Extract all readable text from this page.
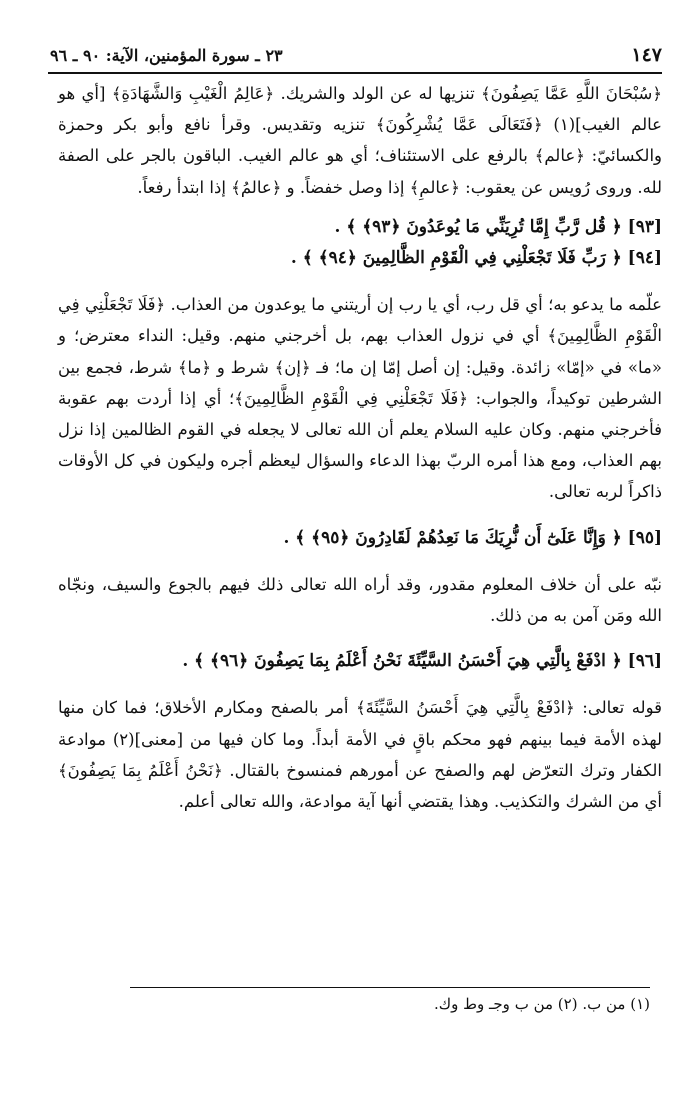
١٤٧
٢٣ ـ سورة المؤمنين، الآية: ٩٠ ـ ٩٦

﴿سُبْحَانَ اللَّهِ عَمَّا يَصِفُونَ﴾ تنزيها له عن الولد والشريك. ﴿عَالِمُ الْغَيْبِ وَالشَّهَادَةِ﴾ [أي هو عالم الغيب](١) ﴿فَتَعَالَى عَمَّا يُشْرِكُونَ﴾ تنزيه وتقديس. وقرأ نافع وأبو بكر وحمزة والكسائيّ: ﴿عالم﴾ بالرفع على الاستئناف؛ أي هو عالم الغيب. الباقون بالجر على الصفة لله. وروى رُويس عن يعقوب: ﴿عالمِ﴾ إذا وصل خفضاً. و ﴿عالمُ﴾ إذا ابتدأ رفعاً.

[٩٣] ﴿ قُل رَّبِّ إِمَّا تُرِيَنِّي مَا يُوعَدُونَ ﴿٩٣﴾ ﴾ .

[٩٤] ﴿ رَبِّ فَلَا تَجْعَلْنِي فِي الْقَوْمِ الظَّالِمِينَ ﴿٩٤﴾ ﴾ .

علّمه ما يدعو به؛ أي قل رب، أي يا رب إن أريتني ما يوعدون من العذاب. ﴿فَلَا تَجْعَلْنِي فِي الْقَوْمِ الظَّالِمِينَ﴾ أي في نزول العذاب بهم، بل أخرجني منهم. وقيل: النداء معترض؛ و «ما» في «إمّا» زائدة. وقيل: إن أصل إمّا إن ما؛ فـ ﴿إن﴾ شرط و ﴿ما﴾ شرط، فجمع بين الشرطين توكيداً، والجواب: ﴿فَلَا تَجْعَلْنِي فِي الْقَوْمِ الظَّالِمِينَ﴾؛ أي إذا أردت بهم عقوبة فأخرجني منهم. وكان عليه السلام يعلم أن الله تعالى لا يجعله في القوم الظالمين إذا نزل بهم العذاب، ومع هذا أمره الربّ بهذا الدعاء والسؤال ليعظم أجره وليكون في كل الأوقات ذاكراً لربه تعالى.

[٩٥] ﴿ وَإِنَّا عَلَىٰٓ أَن نُّرِيَكَ مَا نَعِدُهُمْ لَقَادِرُونَ ﴿٩٥﴾ ﴾ .

نبّه على أن خلاف المعلوم مقدور، وقد أراه الله تعالى ذلك فيهم بالجوع والسيف، ونجّاه الله ومَن آمن به من ذلك.

[٩٦] ﴿ ادْفَعْ بِالَّتِي هِيَ أَحْسَنُ السَّيِّئَةَ نَحْنُ أَعْلَمُ بِمَا يَصِفُونَ ﴿٩٦﴾ ﴾ .

قوله تعالى: ﴿ادْفَعْ بِالَّتِي هِيَ أَحْسَنُ السَّيِّئَةَ﴾ أمر بالصفح ومكارم الأخلاق؛ فما كان منها لهذه الأمة فيما بينهم فهو محكم باقٍ في الأمة أبداً. وما كان فيها من [معنى](٢) موادعة الكفار وترك التعرّض لهم والصفح عن أمورهم فمنسوخ بالقتال. ﴿نَحْنُ أَعْلَمُ بِمَا يَصِفُونَ﴾ أي من الشرك والتكذيب. وهذا يقتضي أنها آية موادعة، والله تعالى أعلم.

(١) من ب. (٢) من ب وجـ وط وك.
